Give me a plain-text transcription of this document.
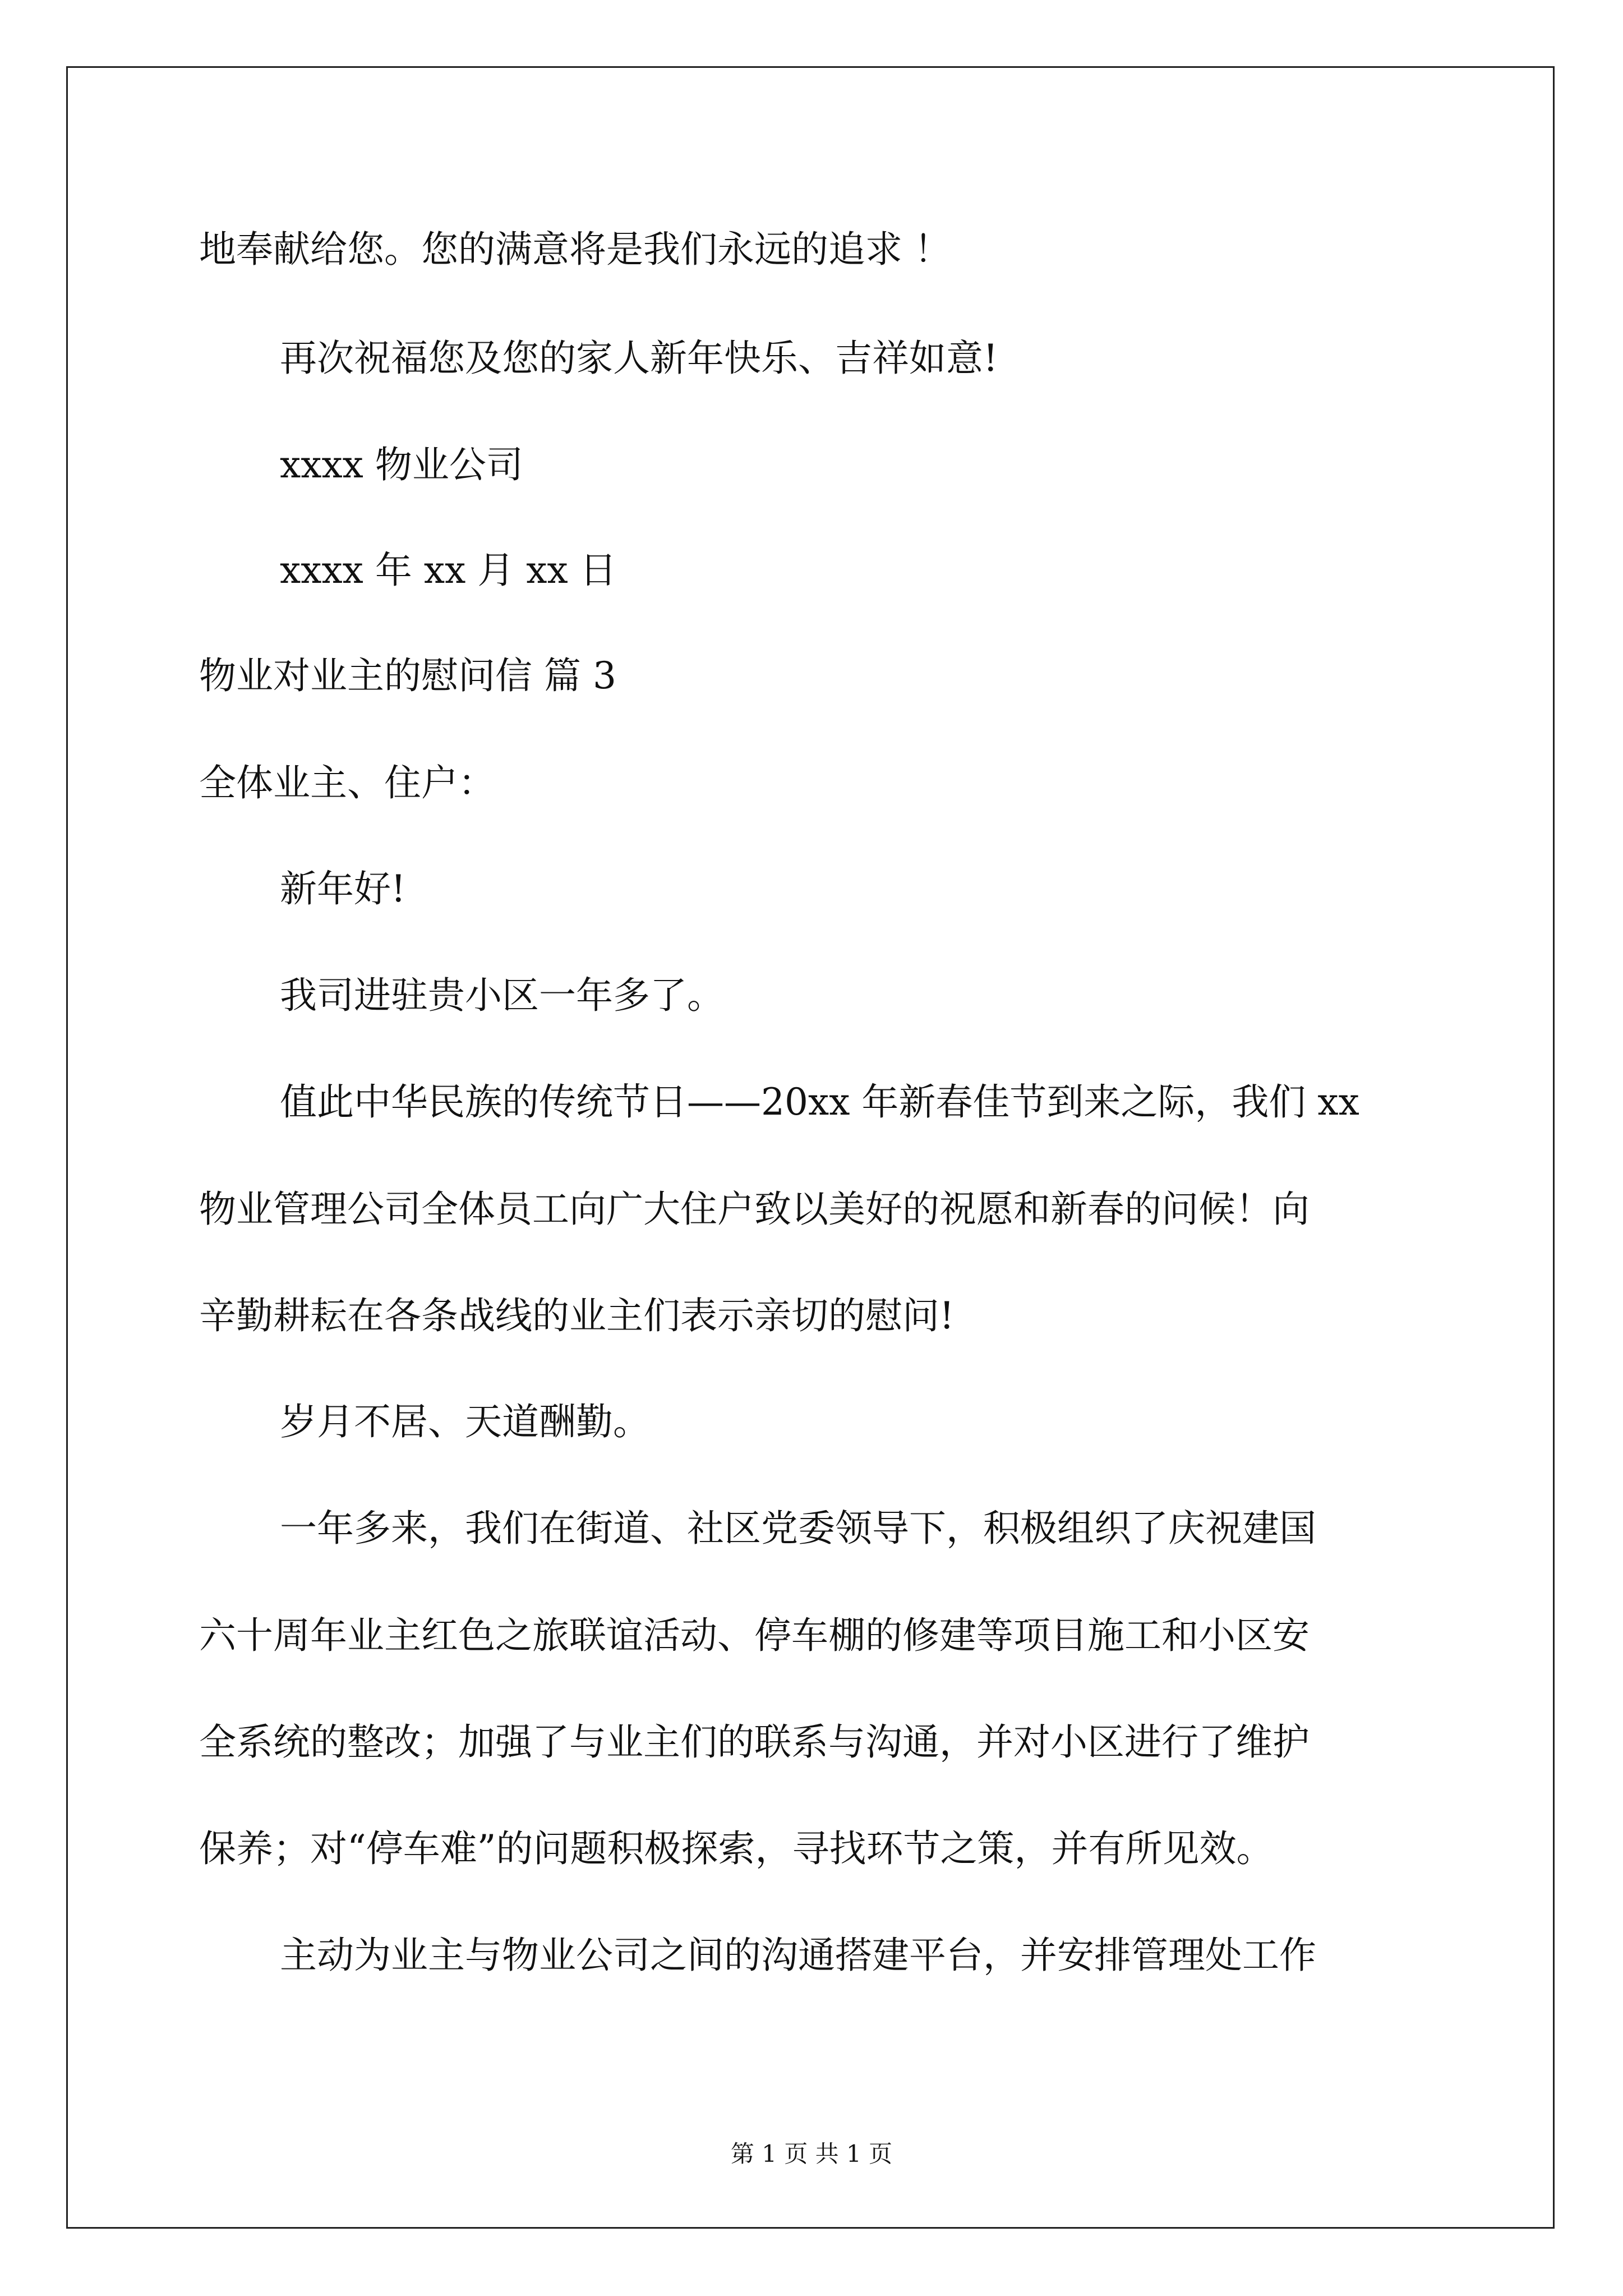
地奉献给您。您的满意将是我们永远的追求 ！
再次祝福您及您的家人新年快乐、吉祥如意!
xxxx 物业公司
xxxx 年 xx 月 xx 日
物业对业主的慰问信 篇 3
全体业主、住户：
新年好!
我司进驻贵小区一年多了。
值此中华民族的传统节日——20xx 年新春佳节到来之际，我们 xx
物业管理公司全体员工向广大住户致以美好的祝愿和新春的问候！向
辛勤耕耘在各条战线的业主们表示亲切的慰问!
岁月不居、天道酬勤。
一年多来，我们在街道、社区党委领导下，积极组织了庆祝建国
六十周年业主红色之旅联谊活动、停车棚的修建等项目施工和小区安
全系统的整改；加强了与业主们的联系与沟通，并对小区进行了维护
保养；对“停车难”的问题积极探索，寻找环节之策，并有所见效。
主动为业主与物业公司之间的沟通搭建平台，并安排管理处工作
第 1 页 共 1 页
